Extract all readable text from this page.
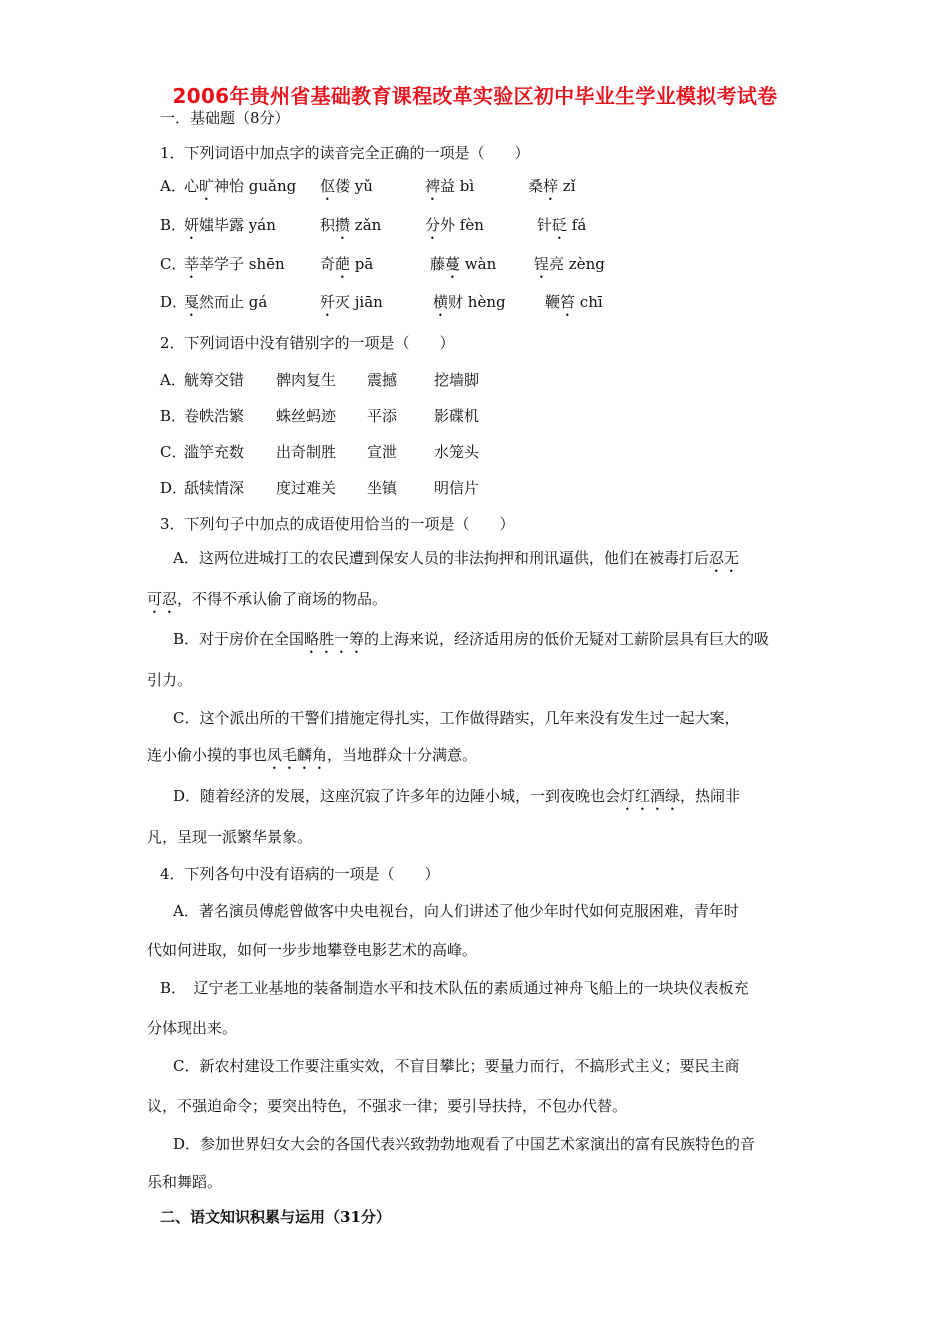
2006年贵州省基础教育课程改革实验区初中毕业生学业模拟考试卷
一．基础题（8分）
1．下列词语中加点字的读音完全正确的一项是（　　）
A．
心旷神怡 guǎng 伛偻 yǔ	裨益 bì	桑梓 zǐ
B．
妍媸毕露 yán	积攒 zǎn	分外 fèn	针砭 fá
C．
莘莘学子 shēn 奇葩 pā	藤蔓 wàn	锃亮 zèng
D．
戛然而止 gá	歼灭 jiān	横财 hèng	鞭笞 chī
2．下列词语中没有错别字的一项是（　　）
A．
觥筹交错 髀肉复生 震撼 挖墙脚
B．
卷帙浩繁 蛛丝蚂迹 平添 影碟机
C．
滥竽充数 出奇制胜 宣泄 水笼头
D．
舐犊情深 度过难关 坐镇 明信片
3．下列句子中加点的成语使用恰当的一项是（　　）
A．这两位进城打工的农民遭到保安人员的非法拘押和刑讯逼供，他们在被毒打后忍无
可忍，不得不承认偷了商场的物品。
B．对于房价在全国略胜一筹的上海来说，经济适用房的低价无疑对工薪阶层具有巨大的吸
引力。
C．这个派出所的干警们措施定得扎实，工作做得踏实，几年来没有发生过一起大案，
连小偷小摸的事也凤毛麟角，当地群众十分满意。
D．随着经济的发展，这座沉寂了许多年的边陲小城，一到夜晚也会灯红酒绿，热闹非
凡，呈现一派繁华景象。
4．下列各句中没有语病的一项是（　　）
A．著名演员傅彪曾做客中央电视台，向人们讲述了他少年时代如何克服困难，青年时
代如何进取，如何一步步地攀登电影艺术的高峰。
B．　辽宁老工业基地的装备制造水平和技术队伍的素质通过神舟飞船上的一块块仪表板充
分体现出来。
C．新农村建设工作要注重实效，不盲目攀比；要量力而行，不搞形式主义；要民主商
议，不强迫命令；要突出特色，不强求一律；要引导扶持，不包办代替。
D．参加世界妇女大会的各国代表兴致勃勃地观看了中国艺术家演出的富有民族特色的音
乐和舞蹈。
二、语文知识积累与运用（31分）
